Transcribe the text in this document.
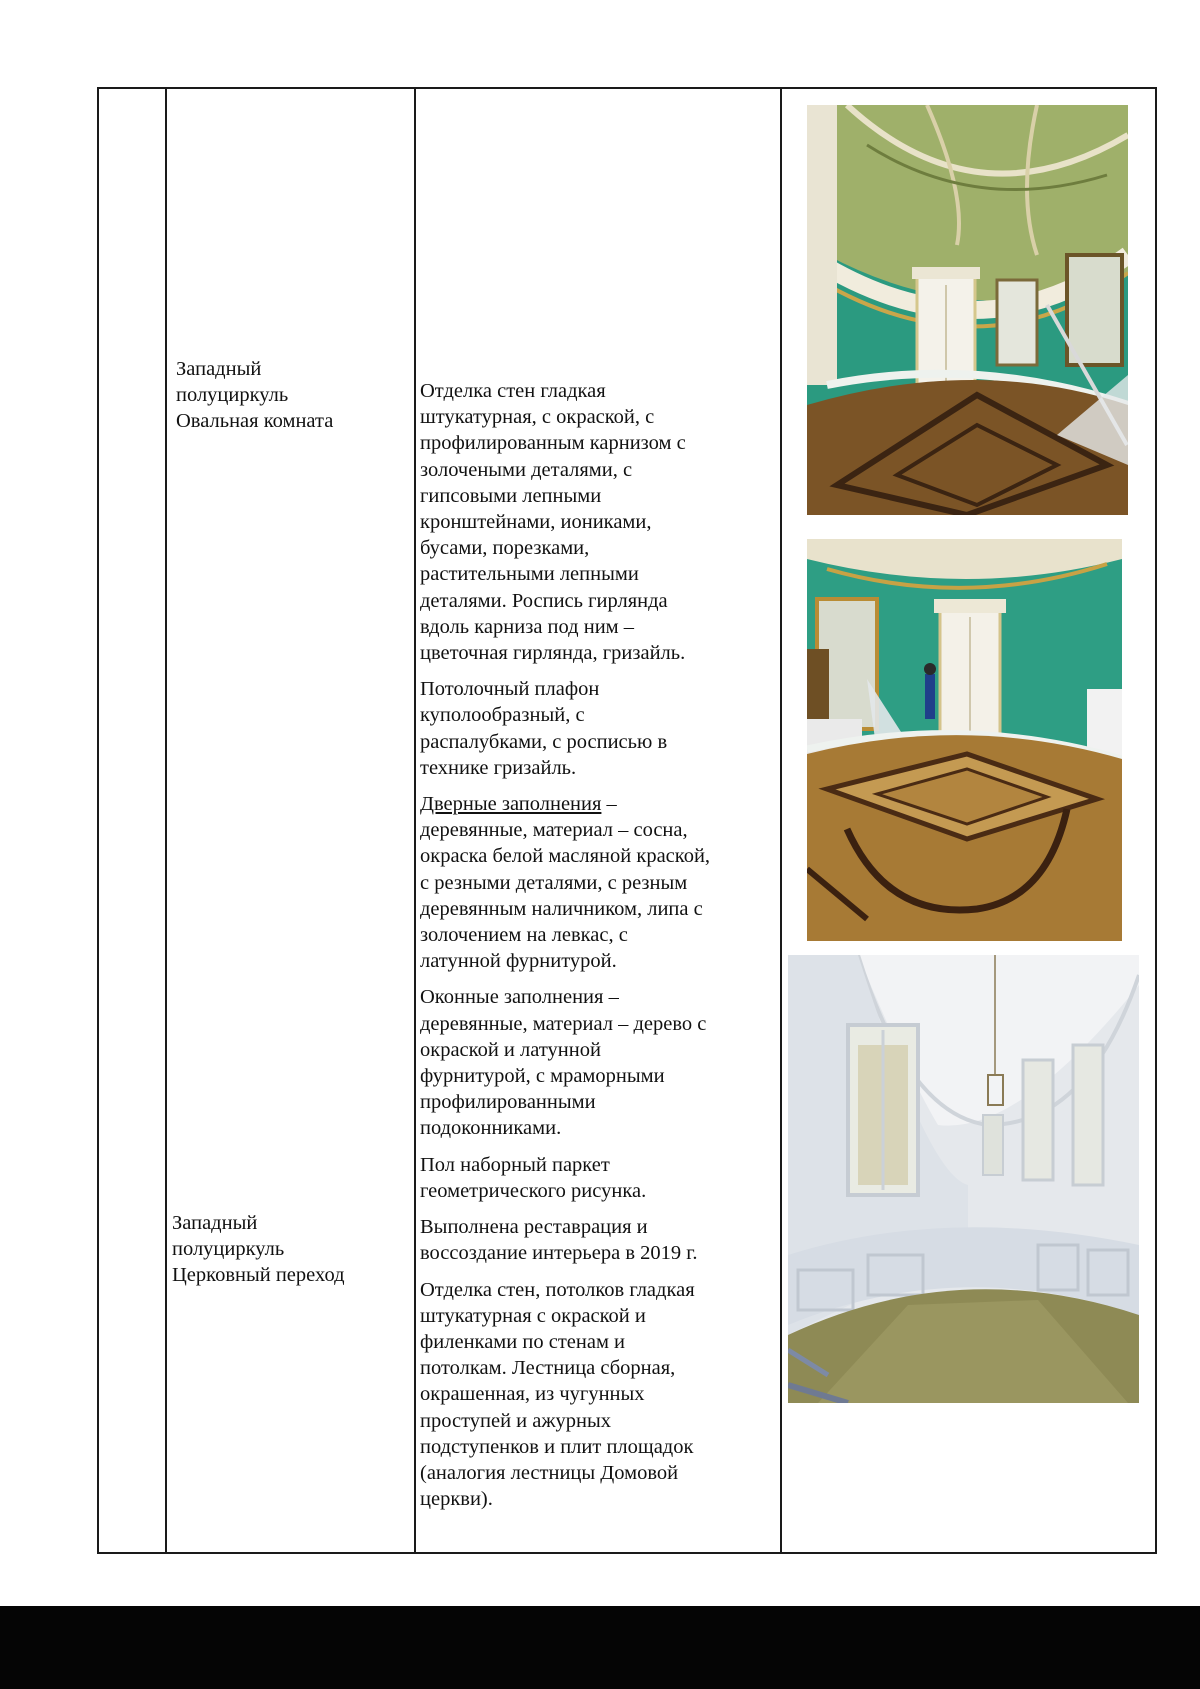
Западный
полуциркуль
Овальная комната
Западный
полуциркуль
Церковный переход

Отделка стен гладкая
штукатурная, с окраской, с
профилированным карнизом с
золочеными деталями, с
гипсовыми лепными
кронштейнами, иониками,
бусами, порезками,
растительными лепными
деталями. Роспись гирлянда
вдоль карниза под ним –
цветочная гирлянда, гризайль.

Потолочный плафон
куполообразный, с
распалубками, с росписью в
технике гризайль.

Дверные заполнения –
деревянные, материал – сосна,
окраска белой масляной краской,
с резными деталями, с резным
деревянным наличником, липа с
золочением на левкас, с
латунной фурнитурой.

Оконные заполнения –
деревянные, материал – дерево с
окраской и латунной
фурнитурой, с мраморными
профилированными
подоконниками.

Пол наборный паркет
геометрического рисунка.

Выполнена реставрация и
воссоздание интерьера в 2019 г.

Отделка стен, потолков гладкая
штукатурная с окраской и
филенками по стенам и
потолкам. Лестница сборная,
окрашенная, из чугунных
проступей и ажурных
подступенков и плит площадок
(аналогия лестницы Домовой
церкви).
